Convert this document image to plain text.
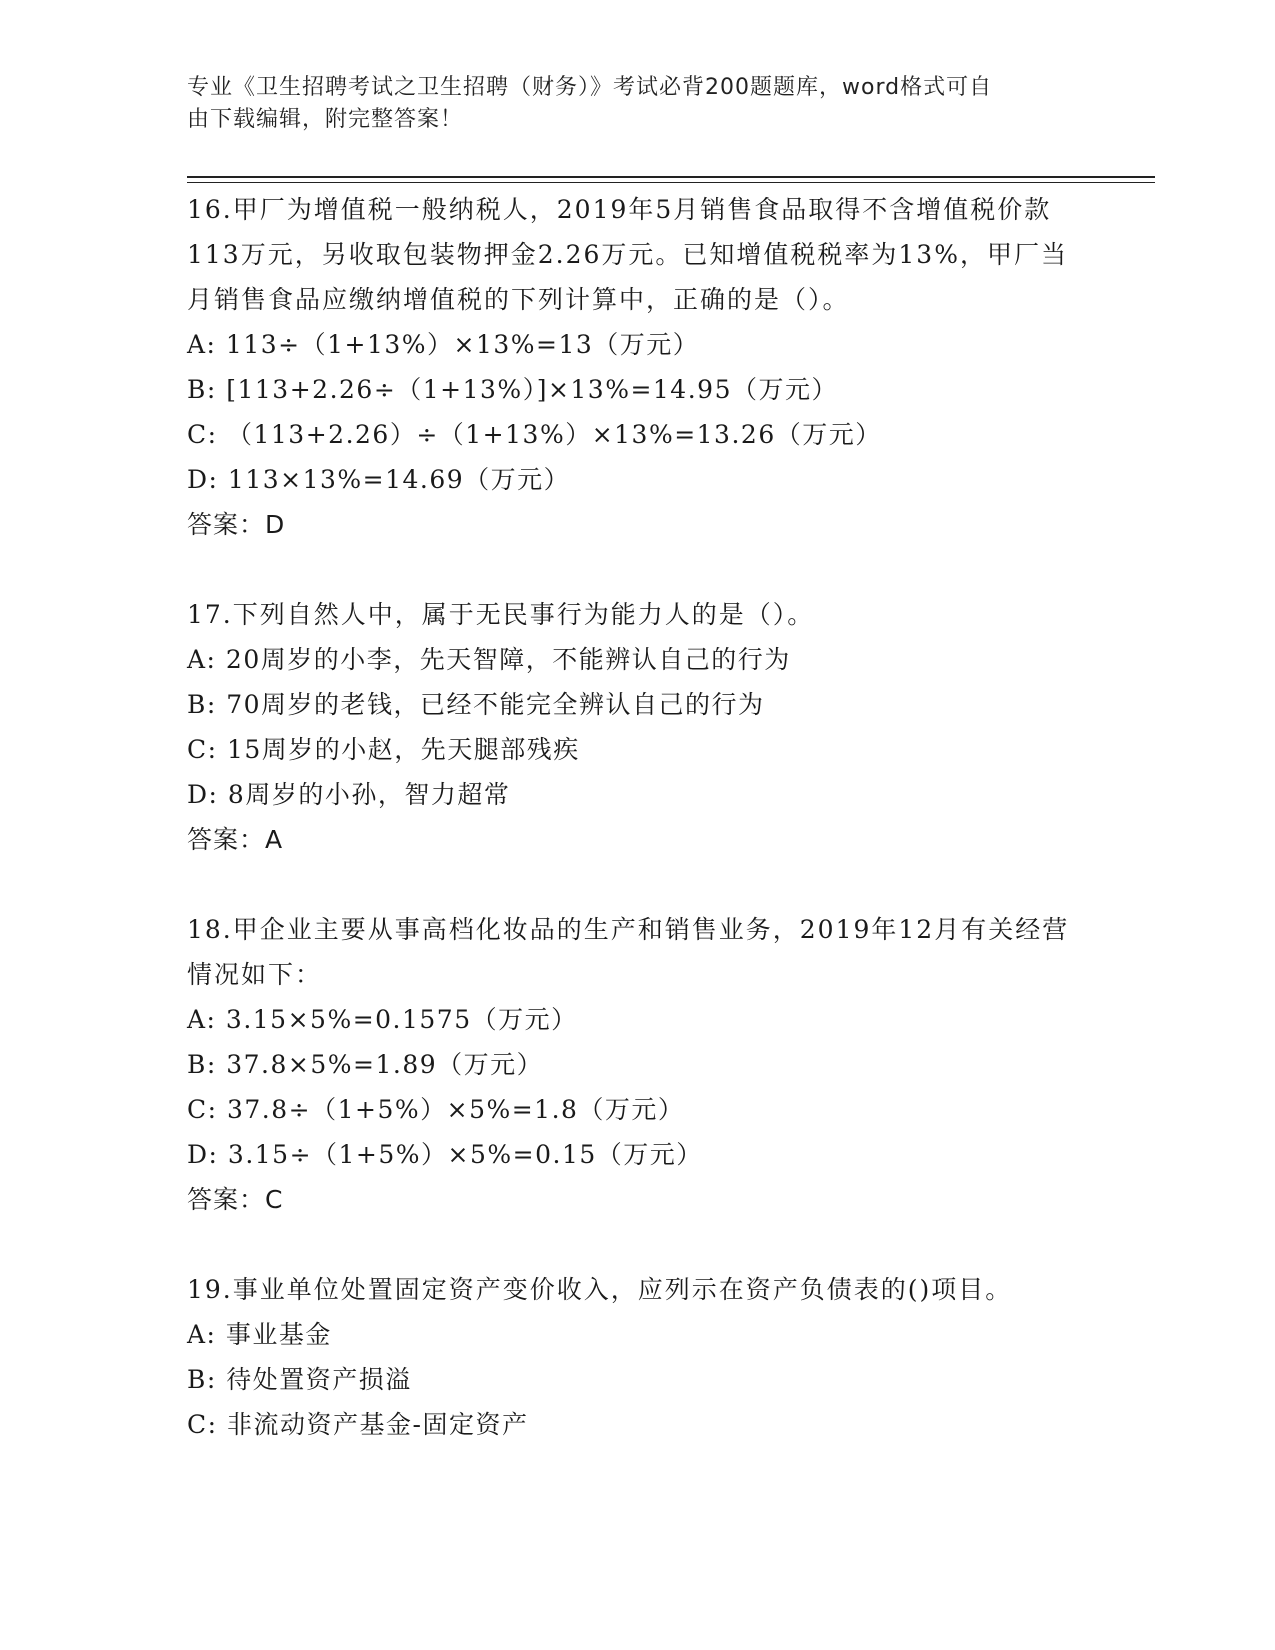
专业《卫生招聘考试之卫生招聘（财务）》考试必背200题题库，word格式可自
由下载编辑，附完整答案！

16.甲厂为增值税一般纳税人，2019年5月销售食品取得不含增值税价款113万元，另收取包装物押金2.26万元。已知增值税税率为13%，甲厂当月销售食品应缴纳增值税的下列计算中，正确的是（）。

A: 113÷（1+13%）×13%=13（万元）

B: [113+2.26÷（1+13%）]×13%=14.95（万元）

C: （113+2.26）÷（1+13%）×13%=13.26（万元）

D: 113×13%=14.69（万元）

答案：D

17.下列自然人中，属于无民事行为能力人的是（）。

A: 20周岁的小李，先天智障，不能辨认自己的行为

B: 70周岁的老钱，已经不能完全辨认自己的行为

C: 15周岁的小赵，先天腿部残疾

D: 8周岁的小孙，智力超常

答案：A

18.甲企业主要从事高档化妆品的生产和销售业务，2019年12月有关经营情况如下：

A: 3.15×5%=0.1575（万元）

B: 37.8×5%=1.89（万元）

C: 37.8÷（1+5%）×5%=1.8（万元）

D: 3.15÷（1+5%）×5%=0.15（万元）

答案：C

19.事业单位处置固定资产变价收入，应列示在资产负债表的()项目。

A: 事业基金

B: 待处置资产损溢

C: 非流动资产基金-固定资产
